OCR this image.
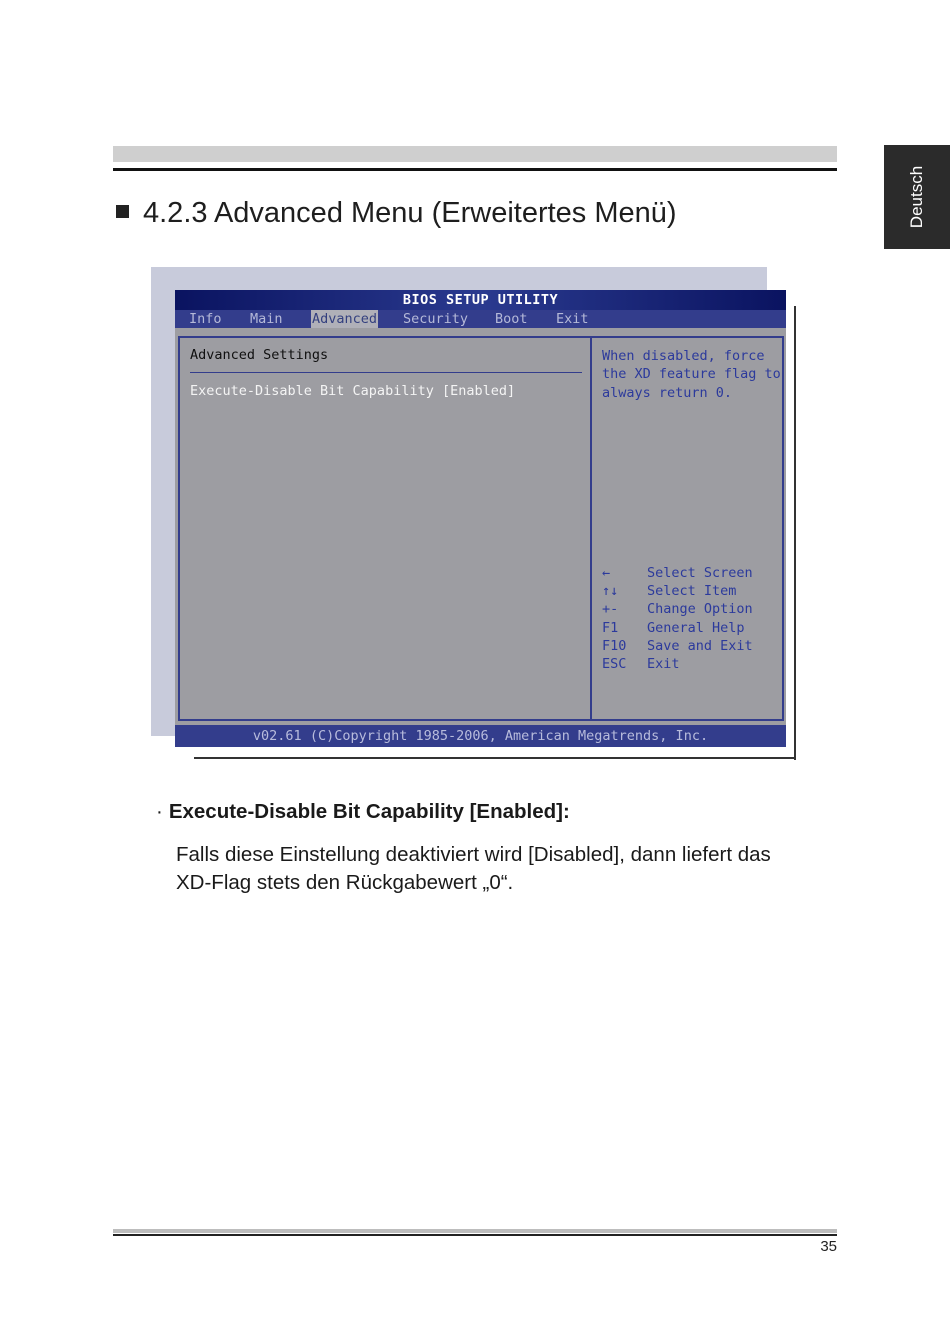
Deutsch
4.2.3 Advanced Menu (Erweitertes Menü)
BIOS SETUP UTILITY
Info Main Advanced Security Boot Exit
Advanced Settings
Execute-Disable Bit Capability [Enabled]
When disabled, force
the XD feature flag to
always return 0.
←	Select Screen
↑↓ Select Item
+- Change Option
F1 General Help
F10 Save and Exit
ESC Exit
v02.61 (C)Copyright 1985-2006, American Megatrends, Inc.
· Execute-Disable Bit Capability [Enabled]:
Falls diese Einstellung deaktiviert wird [Disabled], dann liefert das
XD-Flag stets den Rückgabewert „0“.
35
